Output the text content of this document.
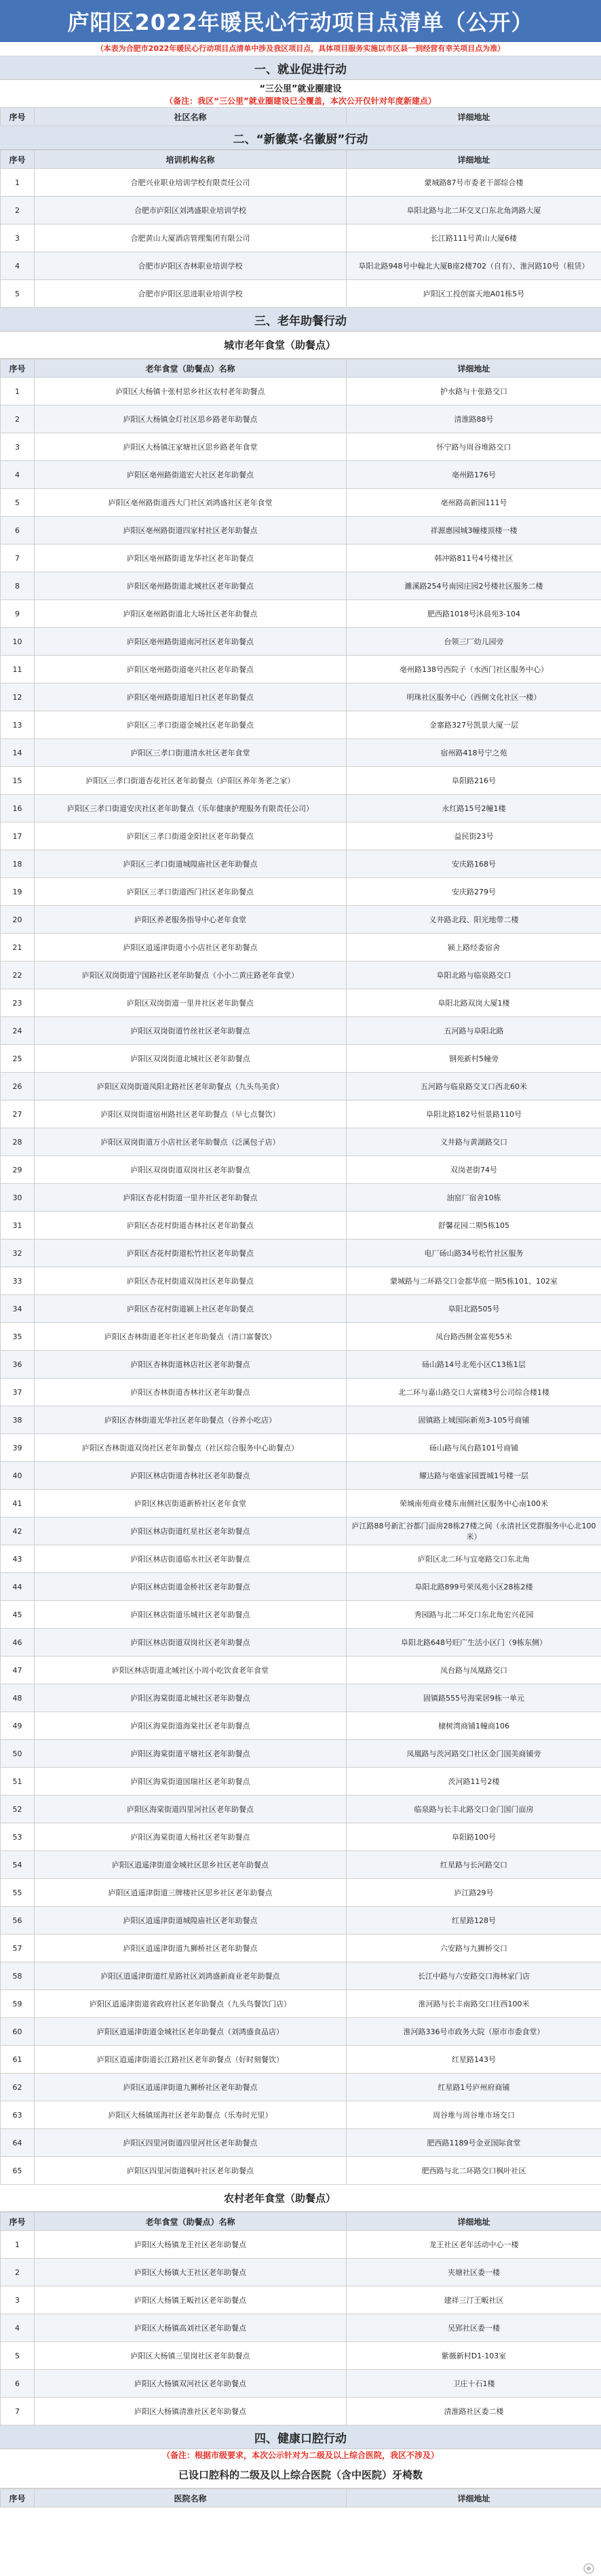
庐阳区2022年暖民心行动项目点清单（公开）
（本表为合肥市2022年暖民心行动项目点清单中涉及我区项目点，具体项目服务实施以市区县一到经营有幸关项目点为准）
一、就业促进行动
“三公里”就业圈建设
（备注：我区“三公里”就业圈建设已全覆盖，本次公开仅针对年度新建点）
序号	社区名称	详细地址
二、“新徽菜·名徽厨”行动
序号	培训机构名称	详细地址
1	合肥兴业职业培训学校有限责任公司	蒙城路87号市委老干部综合楼
2	合肥市庐阳区刘鸿盛职业培训学校	阜阳北路与北二环交叉口东北角鸿路大厦
3	合肥黄山大厦酒店管理集团有限公司	长江路111号黄山大厦6楼
4	合肥市庐阳区杏林职业培训学校	阜阳北路948号中翰北大厦B座2楼702（自有）、淮河路10号（租赁）
5	合肥市庐阳区思进职业培训学校	庐阳区工投创富天地A01栋5号
三、老年助餐行动
城市老年食堂（助餐点）
序号	老年食堂（助餐点）名称	详细地址
1	庐阳区大杨镇十张村思乡社区农村老年助餐点	护水路与十张路交口
2	庐阳区大杨镇金灯社区思乡路老年助餐点	清淮路88号
3	庐阳区大杨镇汪家塘社区思乡路老年食堂	怀宁路与周谷堆路交口
4	庐阳区亳州路街道宏大社区老年助餐点	亳州路176号
5	庐阳区亳州路街道西大门社区刘鸿盛社区老年食堂	亳州路高新园111号
6	庐阳区亳州路街道四家村社区老年助餐点	祥源惠园城3幢楼顶楼一楼
7	庐阳区亳州路街道龙华社区老年助餐点	韩冲路811号4号楼社区
8	庐阳区亳州路街道北城社区老年助餐点	濉溪路254号南园庄园2号楼社区服务二楼
9	庐阳区亳州路街道北大场社区老年助餐点	肥西路1018号沐晨苑3-104
10	庐阳区亳州路街道南河社区老年助餐点	台领三厂幼儿园旁
11	庐阳区亳州路街道亳兴社区老年助餐点	亳州路138号西院子（水西门社区服务中心）
12	庐阳区亳州路街道旭日社区老年助餐点	明珠社区服务中心（西侧文化社区一楼）
13	庐阳区三孝口街道金城社区老年助餐点	金寨路327号凯景大厦一层
14	庐阳区三孝口街道清水社区老年食堂	宿州路418号宁之苑
15	庐阳区三孝口街道杏花社区老年助餐点（庐阳区养年务老之家）	阜阳路216号
16	庐阳区三孝口街道安庆社区老年助餐点（乐年健康护理服务有限责任公司）	永红路15号2幢1楼
17	庐阳区三孝口街道金阳社区老年助餐点	益民街23号
18	庐阳区三孝口街道城隍庙社区老年助餐点	安庆路168号
19	庐阳区三孝口街道西门社区老年助餐点	安庆路279号
20	庐阳区养老服务指导中心老年食堂	义井路北段、阳光地带二楼
21	庐阳区逍遥津街道小小店社区老年助餐点	颍上路经委宿舍
22	庐阳区双岗街道宁国路社区老年助餐点（小小二黄庄路老年食堂）	阜阳北路与临泉路交口
23	庐阳区双岗街道一里井社区老年助餐点	阜阳北路双岗大厦1楼
24	庐阳区双岗街道竹丝社区老年助餐点	五河路与阜阳北路
25	庐阳区双岗街道北城社区老年助餐点	钢苑新村5幢旁
26	庐阳区双岗街道凤阳北路社区老年助餐点（九头鸟美食）	五河路与临泉路交叉口西北60米
27	庐阳区双岗街道宿州路社区老年助餐点（早七点餐饮）	阜阳北路182号恒景路110号
28	庐阳区双岗街道万小店社区老年助餐点（泛溪包子店）	义井路与黄湖路交口
29	庐阳区双岗街道双岗社区老年助餐点	双岗老街74号
30	庐阳区杏花村街道一里井社区老年助餐点	油窑厂宿舍10栋
31	庐阳区杏花村街道杏林社区老年助餐点	舒馨花园二期5栋105
32	庐阳区杏花村街道松竹社区老年助餐点	电厂砀山路34号松竹社区服务
33	庐阳区杏花村街道双岗社区老年助餐点	蒙城路与二环路交口金都华庭一期5栋101、102室
34	庐阳区杏花村街道颍上社区老年助餐点	阜阳北路505号
35	庐阳区杏林街道老年社区老年助餐点（清口富餐饮）	凤台路西侧金富苑55米
36	庐阳区杏林街道林店社区老年助餐点	砀山路14号北苑小区C13栋1层
37	庐阳区杏林街道杏林社区老年助餐点	北二环与嘉山路交口大富楼3号公司综合楼1楼
38	庐阳区杏林街道光华社区老年助餐点（谷养小吃店）	固镇路上城国际新苑3-105号商铺
39	庐阳区杏林街道双岗社区老年助餐点（社区综合服务中心助餐点）	砀山路与凤台路101号商铺
40	庐阳区林店街道杏林社区老年助餐点	耀达路与亳盛家园置城1号楼一层
41	庐阳区林店街道新桥社区老年食堂	荣城南苑商业楼东南侧社区服务中心南100米
42	庐阳区林店街道红星社区老年助餐点	庐江路88号新汇谷都门面房28栋27楼之间（永清社区党群服务中心北100米）
43	庐阳区林店街道临水社区老年助餐点	庐阳区北二环与宜亳路交口东北角
44	庐阳区林店街道金桥社区老年助餐点	阜阳北路899号荣凤苑小区28栋2楼
45	庐阳区林店街道乐城社区老年助餐点	秀园路与北二环交口东北角宏兴花园
46	庐阳区林店街道双岗社区老年助餐点	阜阳北路648号旺广生活小区门（9栋东侧）
47	庐阳区林店街道北城社区小周小吃饮食老年食堂	凤台路与凤凰路交口
48	庐阳区海棠街道北城社区老年助餐点	固镇路555号海棠居9栋一单元
49	庐阳区海棠街道海棠社区老年助餐点	棣树湾商铺1幢商106
50	庐阳区海棠街道平塘社区老年助餐点	凤凰路与茨河路交口社区金门国美商铺旁
51	庐阳区海棠街道国瑞社区老年助餐点	茨河路11号2楼
52	庐阳区海棠街道四里河社区老年助餐点	临泉路与长丰北路交口金门国门面房
53	庐阳区海棠街道大杨社区老年助餐点	阜阳路100号
54	庐阳区逍遥津街道金城社区思乡社区老年助餐点	红星路与长河路交口
55	庐阳区逍遥津街道三牌楼社区思乡社区老年助餐点	庐江路29号
56	庐阳区逍遥津街道城隍庙社区老年助餐点	红星路128号
57	庐阳区逍遥津街道九狮桥社区老年助餐点	六安路与九狮桥交口
58	庐阳区逍遥津街道红星路社区刘鸿盛新商业老年助餐点	长江中路与六安路交口海林家门店
59	庐阳区逍遥津街道省政府社区老年助餐点（九头鸟餐饮门店）	淮河路与长丰南路交口往西100米
60	庐阳区逍遥津街道金城社区老年助餐点（刘鸿盛食品店）	淮河路336号市政务大院（原市市委食堂）
61	庐阳区逍遥津街道长江路社区老年助餐点（好时刻餐饮）	红星路143号
62	庐阳区逍遥津街道九狮桥社区老年助餐点	红星路1号庐州府商铺
63	庐阳区大杨镇瑶海社区老年助餐点（乐寿时光里）	周谷堆与周谷堆市场交口
64	庐阳区四里河街道四里河社区老年助餐点	肥西路1189号金亚国际食堂
65	庐阳区四里河街道枫叶社区老年助餐点	肥西路与北二环路交口枫叶社区
农村老年食堂（助餐点）
序号	老年食堂（助餐点）名称	详细地址
1	庐阳区大杨镇龙王社区老年助餐点	龙王社区老年活动中心一楼
2	庐阳区大杨镇大王社区老年助餐点	夹塘社区委一楼
3	庐阳区大杨镇王畈社区老年助餐点	建祥三汀王畈社区
4	庐阳区大杨镇高刘社区老年助餐点	吴郢社区委一楼
5	庐阳区大杨镇三里岗社区老年助餐点	紫薇新村D1-103室
6	庐阳区大杨镇双河社区老年助餐点	卫庄十石1楼
7	庐阳区大杨镇清淮社区老年助餐点	清淮路社区委二楼
四、健康口腔行动
（备注：根据市级要求，本次公示针对为二级及以上综合医院，我区不涉及）
已设口腔科的二级及以上综合医院（含中医院）牙椅数
序号	医院名称	详细地址
